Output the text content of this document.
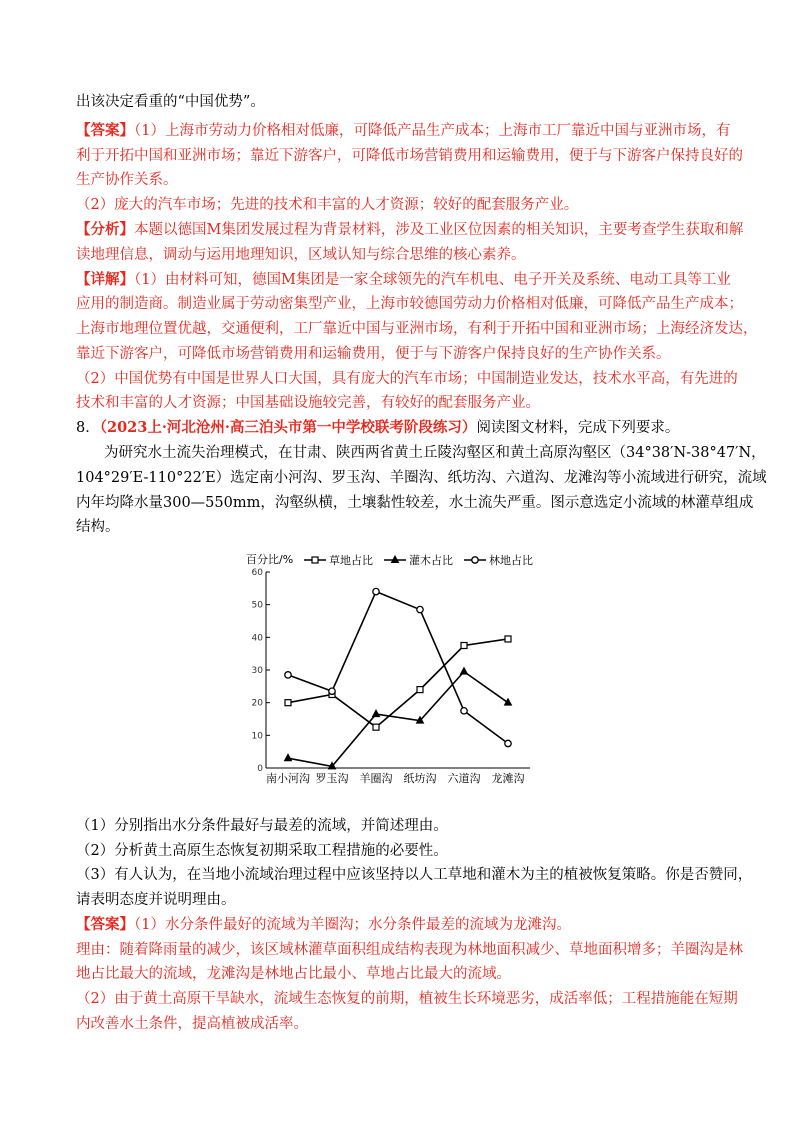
出该决定看重的“中国优势”。
【答案】（1）上海市劳动力价格相对低廉，可降低产品生产成本；上海市工厂靠近中国与亚洲市场，有
利于开拓中国和亚洲市场；靠近下游客户，可降低市场营销费用和运输费用，便于与下游客户保持良好的
生产协作关系。
（2）庞大的汽车市场；先进的技术和丰富的人才资源；较好的配套服务产业。
【分析】本题以德国M集团发展过程为背景材料，涉及工业区位因素的相关知识，主要考查学生获取和解
读地理信息，调动与运用地理知识，区域认知与综合思维的核心素养。
【详解】（1）由材料可知，德国M集团是一家全球领先的汽车机电、电子开关及系统、电动工具等工业
应用的制造商。制造业属于劳动密集型产业，上海市较德国劳动力价格相对低廉，可降低产品生产成本；
上海市地理位置优越，交通便利，工厂靠近中国与亚洲市场，有利于开拓中国和亚洲市场；上海经济发达，
靠近下游客户，可降低市场营销费用和运输费用，便于与下游客户保持良好的生产协作关系。
（2）中国优势有中国是世界人口大国，具有庞大的汽车市场；中国制造业发达，技术水平高，有先进的
技术和丰富的人才资源；中国基础设施较完善，有较好的配套服务产业。
8．（2023上·河北沧州·高三泊头市第一中学校联考阶段练习）阅读图文材料，完成下列要求。
为研究水土流失治理模式，在甘肃、陕西两省黄土丘陵沟壑区和黄土高原沟壑区（34°38′N-38°47′N，
104°29′E-110°22′E）选定南小河沟、罗玉沟、羊圈沟、纸坊沟、六道沟、龙滩沟等小流域进行研究，流域
内年均降水量300—550mm，沟壑纵横，土壤黏性较差，水土流失严重。图示意选定小流域的林灌草组成
结构。
0
10
20
30
40
50
60
百分比/%
南小河沟 罗玉沟 羊圈沟 纸坊沟 六道沟 龙滩沟
草地占比	灌木占比	林地占比
（1）分别指出水分条件最好与最差的流域，并简述理由。
（2）分析黄土高原生态恢复初期采取工程措施的必要性。
（3）有人认为，在当地小流域治理过程中应该坚持以人工草地和灌木为主的植被恢复策略。你是否赞同，
请表明态度并说明理由。
【答案】（1）水分条件最好的流域为羊圈沟；水分条件最差的流域为龙滩沟。
理由：随着降雨量的减少，该区域林灌草面积组成结构表现为林地面积减少、草地面积增多；羊圈沟是林
地占比最大的流域，龙滩沟是林地占比最小、草地占比最大的流域。
（2）由于黄土高原干旱缺水，流域生态恢复的前期，植被生长环境恶劣，成活率低；工程措施能在短期
内改善水土条件，提高植被成活率。
